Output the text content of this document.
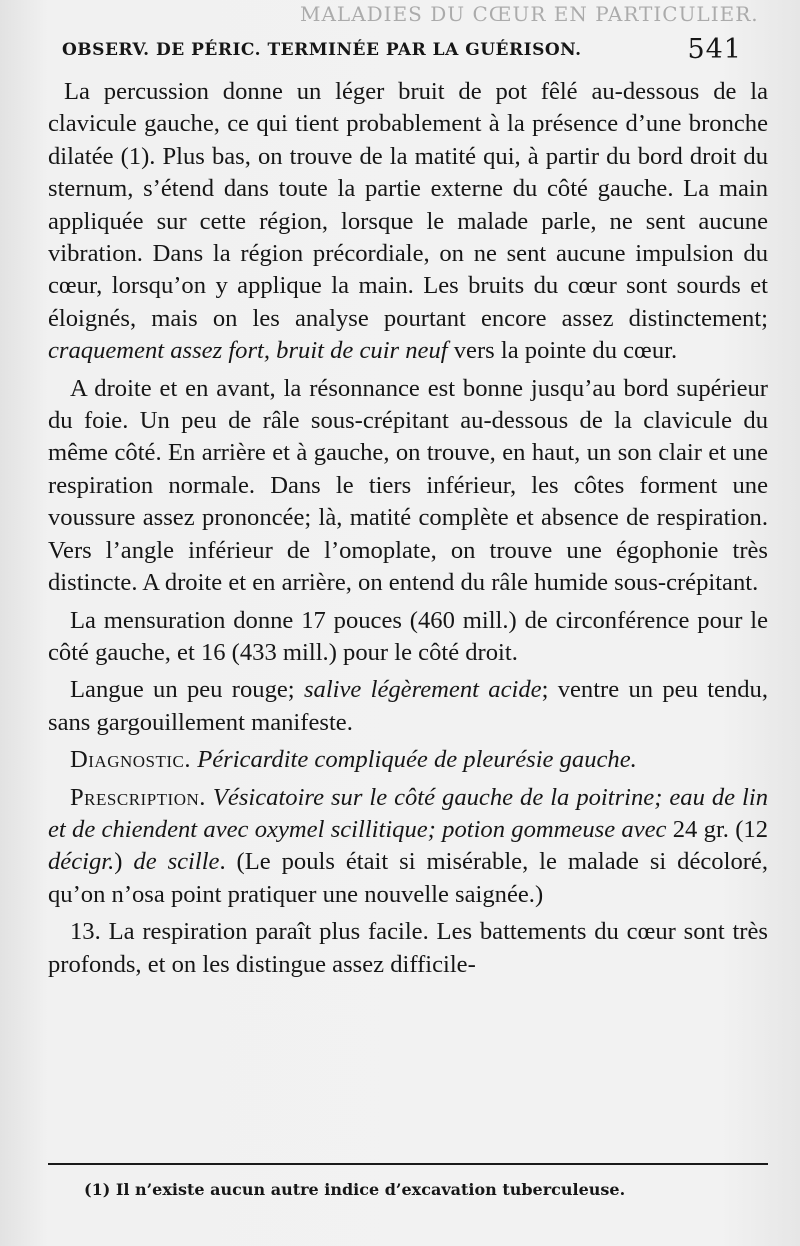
MALADIES DU CŒUR EN PARTICULIER.
OBSERV. DE PÉRIC. TERMINÉE PAR LA GUÉRISON.	541

La percussion donne un léger bruit de pot fêlé au-dessous de la clavicule gauche, ce qui tient probablement à la présence d’une bronche dilatée (1). Plus bas, on trouve de la matité qui, à partir du bord droit du sternum, s’étend dans toute la partie externe du côté gauche. La main appliquée sur cette région, lorsque le malade parle, ne sent aucune vibration. Dans la région précordiale, on ne sent aucune impulsion du cœur, lorsqu’on y applique la main. Les bruits du cœur sont sourds et éloignés, mais on les analyse pourtant encore assez distinctement; craquement assez fort, bruit de cuir neuf vers la pointe du cœur.

A droite et en avant, la résonnance est bonne jusqu’au bord supérieur du foie. Un peu de râle sous-crépitant au-dessous de la clavicule du même côté. En arrière et à gauche, on trouve, en haut, un son clair et une respiration normale. Dans le tiers inférieur, les côtes forment une voussure assez prononcée; là, matité complète et absence de respiration. Vers l’angle inférieur de l’omoplate, on trouve une égophonie très distincte. A droite et en arrière, on entend du râle humide sous-crépitant.

La mensuration donne 17 pouces (460 mill.) de circonférence pour le côté gauche, et 16 (433 mill.) pour le côté droit.

Langue un peu rouge; salive légèrement acide; ventre un peu tendu, sans gargouillement manifeste.

Diagnostic. Péricardite compliquée de pleurésie gauche.

Prescription. Vésicatoire sur le côté gauche de la poitrine; eau de lin et de chiendent avec oxymel scillitique; potion gommeuse avec 24 gr. (12 décigr.) de scille. (Le pouls était si misérable, le malade si décoloré, qu’on n’osa point pratiquer une nouvelle saignée.)

13. La respiration paraît plus facile. Les battements du cœur sont très profonds, et on les distingue assez difficile-

(1) Il n’existe aucun autre indice d’excavation tuberculeuse.
